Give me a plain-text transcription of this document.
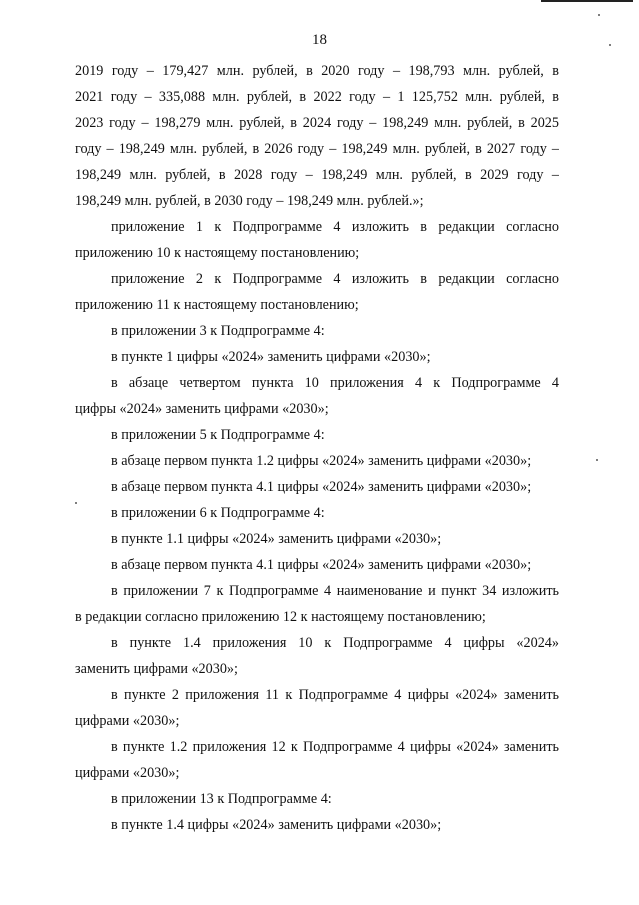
18
2019 году – 179,427 млн. рублей, в 2020 году – 198,793 млн. рублей, в
2021 году – 335,088 млн. рублей, в 2022 году – 1 125,752 млн. рублей, в
2023 году – 198,279 млн. рублей, в 2024 году – 198,249 млн. рублей, в 2025
году – 198,249 млн. рублей, в 2026 году – 198,249 млн. рублей, в 2027 году –
198,249 млн. рублей, в 2028 году – 198,249 млн. рублей, в 2029 году –
198,249 млн. рублей, в 2030 году – 198,249 млн. рублей.»;
приложение 1 к Подпрограмме 4 изложить в редакции согласно
приложению 10 к настоящему постановлению;
приложение 2 к Подпрограмме 4 изложить в редакции согласно
приложению 11 к настоящему постановлению;
в приложении 3 к Подпрограмме 4:
в пункте 1 цифры «2024» заменить цифрами «2030»;
в абзаце четвертом пункта 10 приложения 4 к Подпрограмме 4
цифры «2024» заменить цифрами «2030»;
в приложении 5 к Подпрограмме 4:
в абзаце первом пункта 1.2 цифры «2024» заменить цифрами «2030»;
в абзаце первом пункта 4.1 цифры «2024» заменить цифрами «2030»;
в приложении 6 к Подпрограмме 4:
в пункте 1.1 цифры «2024» заменить цифрами «2030»;
в абзаце первом пункта 4.1 цифры «2024» заменить цифрами «2030»;
в приложении 7 к Подпрограмме 4 наименование и пункт 34 изложить
в редакции согласно приложению 12 к настоящему постановлению;
в пункте 1.4 приложения 10 к Подпрограмме 4 цифры «2024»
заменить цифрами «2030»;
в пункте 2 приложения 11 к Подпрограмме 4 цифры «2024» заменить
цифрами «2030»;
в пункте 1.2 приложения 12 к Подпрограмме 4 цифры «2024» заменить
цифрами «2030»;
в приложении 13 к Подпрограмме 4:
в пункте 1.4 цифры «2024» заменить цифрами «2030»;
